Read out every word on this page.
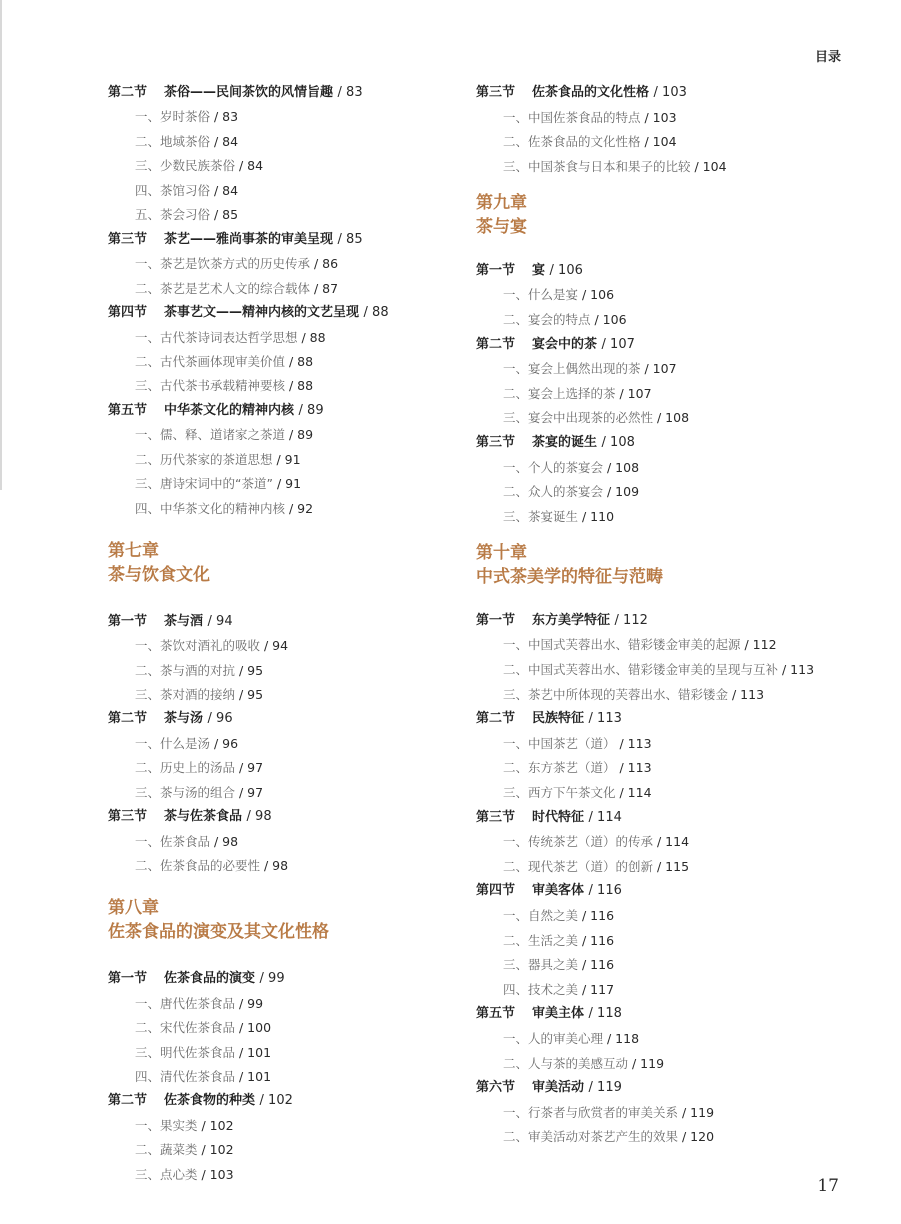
目录
第二节 茶俗——民间茶饮的风情旨趣 / 83
一、岁时茶俗 / 83
二、地域茶俗 / 84
三、少数民族茶俗 / 84
四、茶馆习俗 / 84
五、茶会习俗 / 85
第三节 茶艺——雅尚事茶的审美呈现 / 85
一、茶艺是饮茶方式的历史传承 / 86
二、茶艺是艺术人文的综合载体 / 87
第四节 茶事艺文——精神内核的文艺呈现 / 88
一、古代茶诗词表达哲学思想 / 88
二、古代茶画体现审美价值 / 88
三、古代茶书承载精神要核 / 88
第五节 中华茶文化的精神内核 / 89
一、儒、释、道诸家之茶道 / 89
二、历代茶家的茶道思想 / 91
三、唐诗宋词中的“茶道” / 91
四、中华茶文化的精神内核 / 92
第七章
茶与饮食文化
第一节 茶与酒 / 94
一、茶饮对酒礼的吸收 / 94
二、茶与酒的对抗 / 95
三、茶对酒的接纳 / 95
第二节 茶与汤 / 96
一、什么是汤 / 96
二、历史上的汤品 / 97
三、茶与汤的组合 / 97
第三节 茶与佐茶食品 / 98
一、佐茶食品 / 98
二、佐茶食品的必要性 / 98
第八章
佐茶食品的演变及其文化性格
第一节 佐茶食品的演变 / 99
一、唐代佐茶食品 / 99
二、宋代佐茶食品 / 100
三、明代佐茶食品 / 101
四、清代佐茶食品 / 101
第二节 佐茶食物的种类 / 102
一、果实类 / 102
二、蔬菜类 / 102
三、点心类 / 103
第三节 佐茶食品的文化性格 / 103
一、中国佐茶食品的特点 / 103
二、佐茶食品的文化性格 / 104
三、中国茶食与日本和果子的比较 / 104
第九章
茶与宴
第一节 宴 / 106
一、什么是宴 / 106
二、宴会的特点 / 106
第二节 宴会中的茶 / 107
一、宴会上偶然出现的茶 / 107
二、宴会上选择的茶 / 107
三、宴会中出现茶的必然性 / 108
第三节 茶宴的诞生 / 108
一、个人的茶宴会 / 108
二、众人的茶宴会 / 109
三、茶宴诞生 / 110
第十章
中式茶美学的特征与范畴
第一节 东方美学特征 / 112
一、中国式芙蓉出水、错彩镂金审美的起源 / 112
二、中国式芙蓉出水、错彩镂金审美的呈现与互补 / 113
三、茶艺中所体现的芙蓉出水、错彩镂金 / 113
第二节 民族特征 / 113
一、中国茶艺（道） / 113
二、东方茶艺（道） / 113
三、西方下午茶文化 / 114
第三节 时代特征 / 114
一、传统茶艺（道）的传承 / 114
二、现代茶艺（道）的创新 / 115
第四节 审美客体 / 116
一、自然之美 / 116
二、生活之美 / 116
三、器具之美 / 116
四、技术之美 / 117
第五节 审美主体 / 118
一、人的审美心理 / 118
二、人与茶的美感互动 / 119
第六节 审美活动 / 119
一、行茶者与欣赏者的审美关系 / 119
二、审美活动对茶艺产生的效果 / 120
17
